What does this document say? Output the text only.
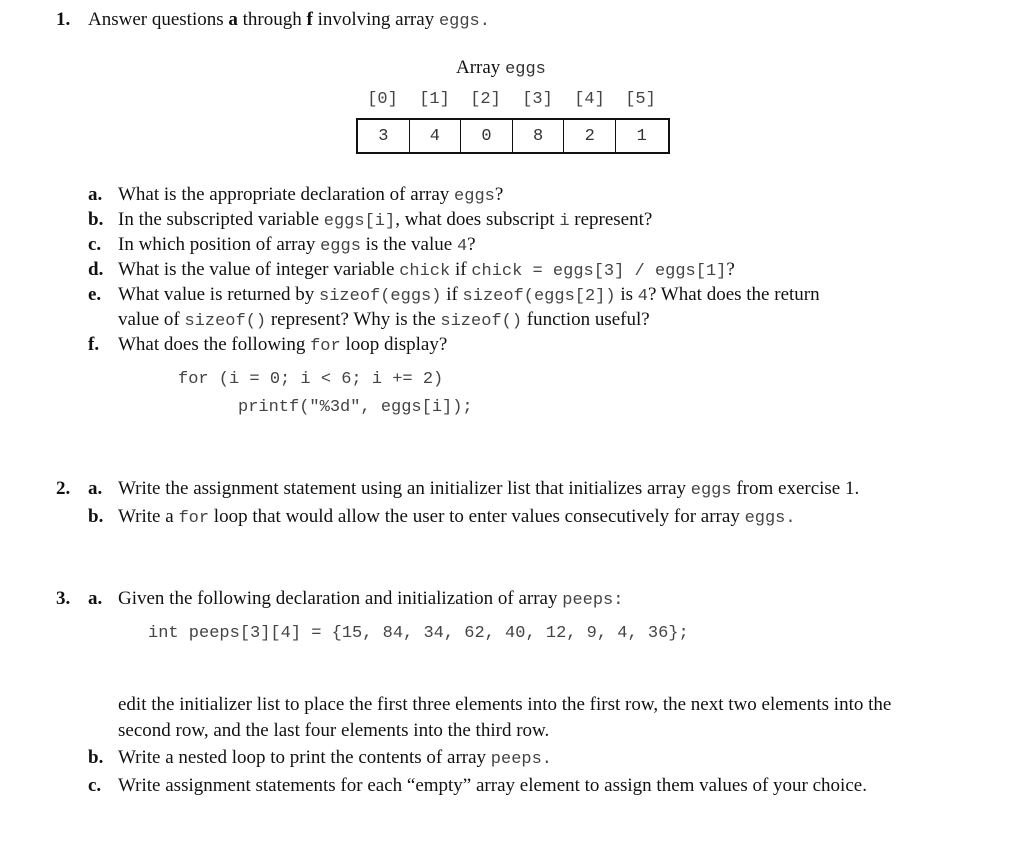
1. Answer questions a through f involving array eggs.
Array eggs
[0]	[1]	[2]	[3]	[4]	[5]
3	4	0	8	2	1
a. What is the appropriate declaration of array eggs?
b. In the subscripted variable eggs[i], what does subscript i represent?
c. In which position of array eggs is the value 4?
d. What is the value of integer variable chick if chick = eggs[3] / eggs[1]?
e. What value is returned by sizeof(eggs) if sizeof(eggs[2]) is 4? What does the return
value of sizeof() represent? Why is the sizeof() function useful?
f. What does the following for loop display?
for (i = 0; i < 6; i += 2)
printf("%3d", eggs[i]);
2. a. Write the assignment statement using an initializer list that initializes array eggs from exercise 1.
b. Write a for loop that would allow the user to enter values consecutively for array eggs.
3. a. Given the following declaration and initialization of array peeps:
int peeps[3][4] = {15, 84, 34, 62, 40, 12, 9, 4, 36};
edit the initializer list to place the first three elements into the first row, the next two elements into the
second row, and the last four elements into the third row.
b. Write a nested loop to print the contents of array peeps.
c. Write assignment statements for each “empty” array element to assign them values of your choice.
